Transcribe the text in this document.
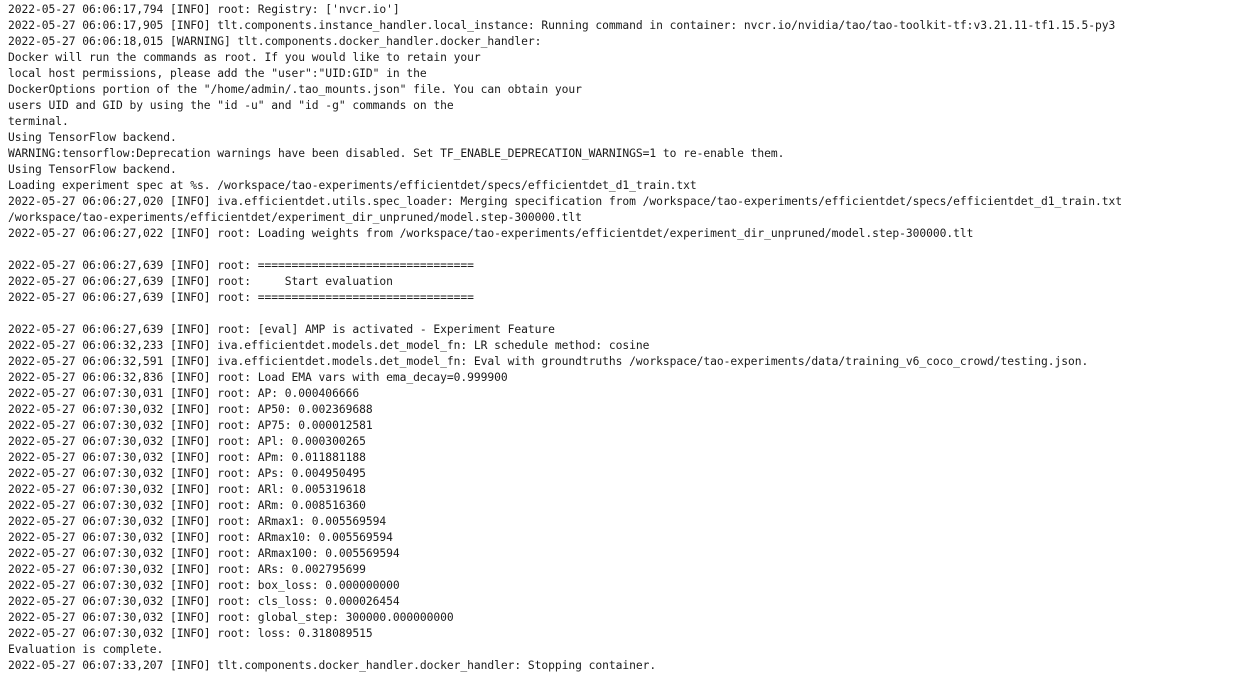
2022-05-27 06:06:17,794 [INFO] root: Registry: ['nvcr.io']
2022-05-27 06:06:17,905 [INFO] tlt.components.instance_handler.local_instance: Running command in container: nvcr.io/nvidia/tao/tao-toolkit-tf:v3.21.11-tf1.15.5-py3
2022-05-27 06:06:18,015 [WARNING] tlt.components.docker_handler.docker_handler:
Docker will run the commands as root. If you would like to retain your
local host permissions, please add the "user":"UID:GID" in the
DockerOptions portion of the "/home/admin/.tao_mounts.json" file. You can obtain your
users UID and GID by using the "id -u" and "id -g" commands on the
terminal.
Using TensorFlow backend.
WARNING:tensorflow:Deprecation warnings have been disabled. Set TF_ENABLE_DEPRECATION_WARNINGS=1 to re-enable them.
Using TensorFlow backend.
Loading experiment spec at %s. /workspace/tao-experiments/efficientdet/specs/efficientdet_d1_train.txt
2022-05-27 06:06:27,020 [INFO] iva.efficientdet.utils.spec_loader: Merging specification from /workspace/tao-experiments/efficientdet/specs/efficientdet_d1_train.txt
/workspace/tao-experiments/efficientdet/experiment_dir_unpruned/model.step-300000.tlt
2022-05-27 06:06:27,022 [INFO] root: Loading weights from /workspace/tao-experiments/efficientdet/experiment_dir_unpruned/model.step-300000.tlt
2022-05-27 06:06:27,639 [INFO] root: ================================
2022-05-27 06:06:27,639 [INFO] root:     Start evaluation
2022-05-27 06:06:27,639 [INFO] root: ================================
2022-05-27 06:06:27,639 [INFO] root: [eval] AMP is activated - Experiment Feature
2022-05-27 06:06:32,233 [INFO] iva.efficientdet.models.det_model_fn: LR schedule method: cosine
2022-05-27 06:06:32,591 [INFO] iva.efficientdet.models.det_model_fn: Eval with groundtruths /workspace/tao-experiments/data/training_v6_coco_crowd/testing.json.
2022-05-27 06:06:32,836 [INFO] root: Load EMA vars with ema_decay=0.999900
2022-05-27 06:07:30,031 [INFO] root: AP: 0.000406666
2022-05-27 06:07:30,032 [INFO] root: AP50: 0.002369688
2022-05-27 06:07:30,032 [INFO] root: AP75: 0.000012581
2022-05-27 06:07:30,032 [INFO] root: APl: 0.000300265
2022-05-27 06:07:30,032 [INFO] root: APm: 0.011881188
2022-05-27 06:07:30,032 [INFO] root: APs: 0.004950495
2022-05-27 06:07:30,032 [INFO] root: ARl: 0.005319618
2022-05-27 06:07:30,032 [INFO] root: ARm: 0.008516360
2022-05-27 06:07:30,032 [INFO] root: ARmax1: 0.005569594
2022-05-27 06:07:30,032 [INFO] root: ARmax10: 0.005569594
2022-05-27 06:07:30,032 [INFO] root: ARmax100: 0.005569594
2022-05-27 06:07:30,032 [INFO] root: ARs: 0.002795699
2022-05-27 06:07:30,032 [INFO] root: box_loss: 0.000000000
2022-05-27 06:07:30,032 [INFO] root: cls_loss: 0.000026454
2022-05-27 06:07:30,032 [INFO] root: global_step: 300000.000000000
2022-05-27 06:07:30,032 [INFO] root: loss: 0.318089515
Evaluation is complete.
2022-05-27 06:07:33,207 [INFO] tlt.components.docker_handler.docker_handler: Stopping container.
